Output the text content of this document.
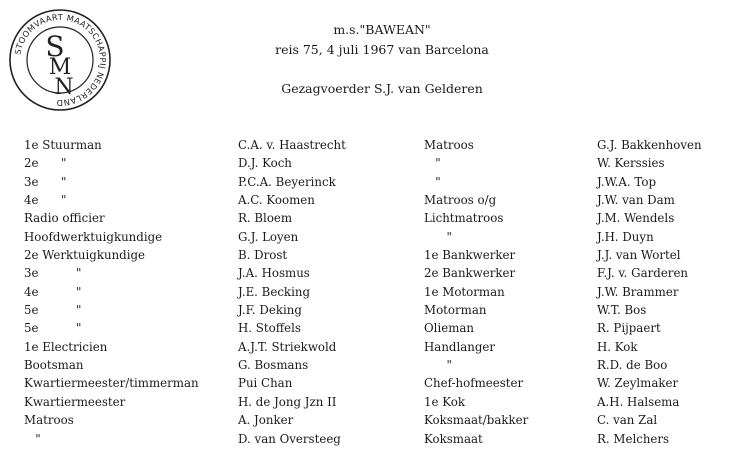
STOOMVAART MAATSCHAPPIJ NEDERLAND
S
M
N
m.s."BAWEAN"
reis 75, 4 juli 1967 van Barcelona
Gezagvoerder S.J. van Gelderen
1e Stuurman
2e      "
3e      "
4e      "
Radio officier
Hoofdwerktuigkundige
2e Werktuigkundige
3e          "
4e          "
5e          "
5e          "
1e Electricien
Bootsman
Kwartiermeester/timmerman
Kwartiermeester
Matroos
"
C.A. v. Haastrecht
D.J. Koch
P.C.A. Beyerinck
A.C. Koomen
R. Bloem
G.J. Loyen
B. Drost
J.A. Hosmus
J.E. Becking
J.F. Deking
H. Stoffels
A.J.T. Striekwold
G. Bosmans
Pui Chan
H. de Jong Jzn II
A. Jonker
D. van Oversteeg
Matroos
"
"
Matroos o/g
Lichtmatroos
"
1e Bankwerker
2e Bankwerker
1e Motorman
Motorman
Olieman
Handlanger
"
Chef-hofmeester
1e Kok
Koksmaat/bakker
Koksmaat
G.J. Bakkenhoven
W. Kerssies
J.W.A. Top
J.W. van Dam
J.M. Wendels
J.H. Duyn
J.J. van Wortel
F.J. v. Garderen
J.W. Brammer
W.T. Bos
R. Pijpaert
H. Kok
R.D. de Boo
W. Zeylmaker
A.H. Halsema
C. van Zal
R. Melchers
